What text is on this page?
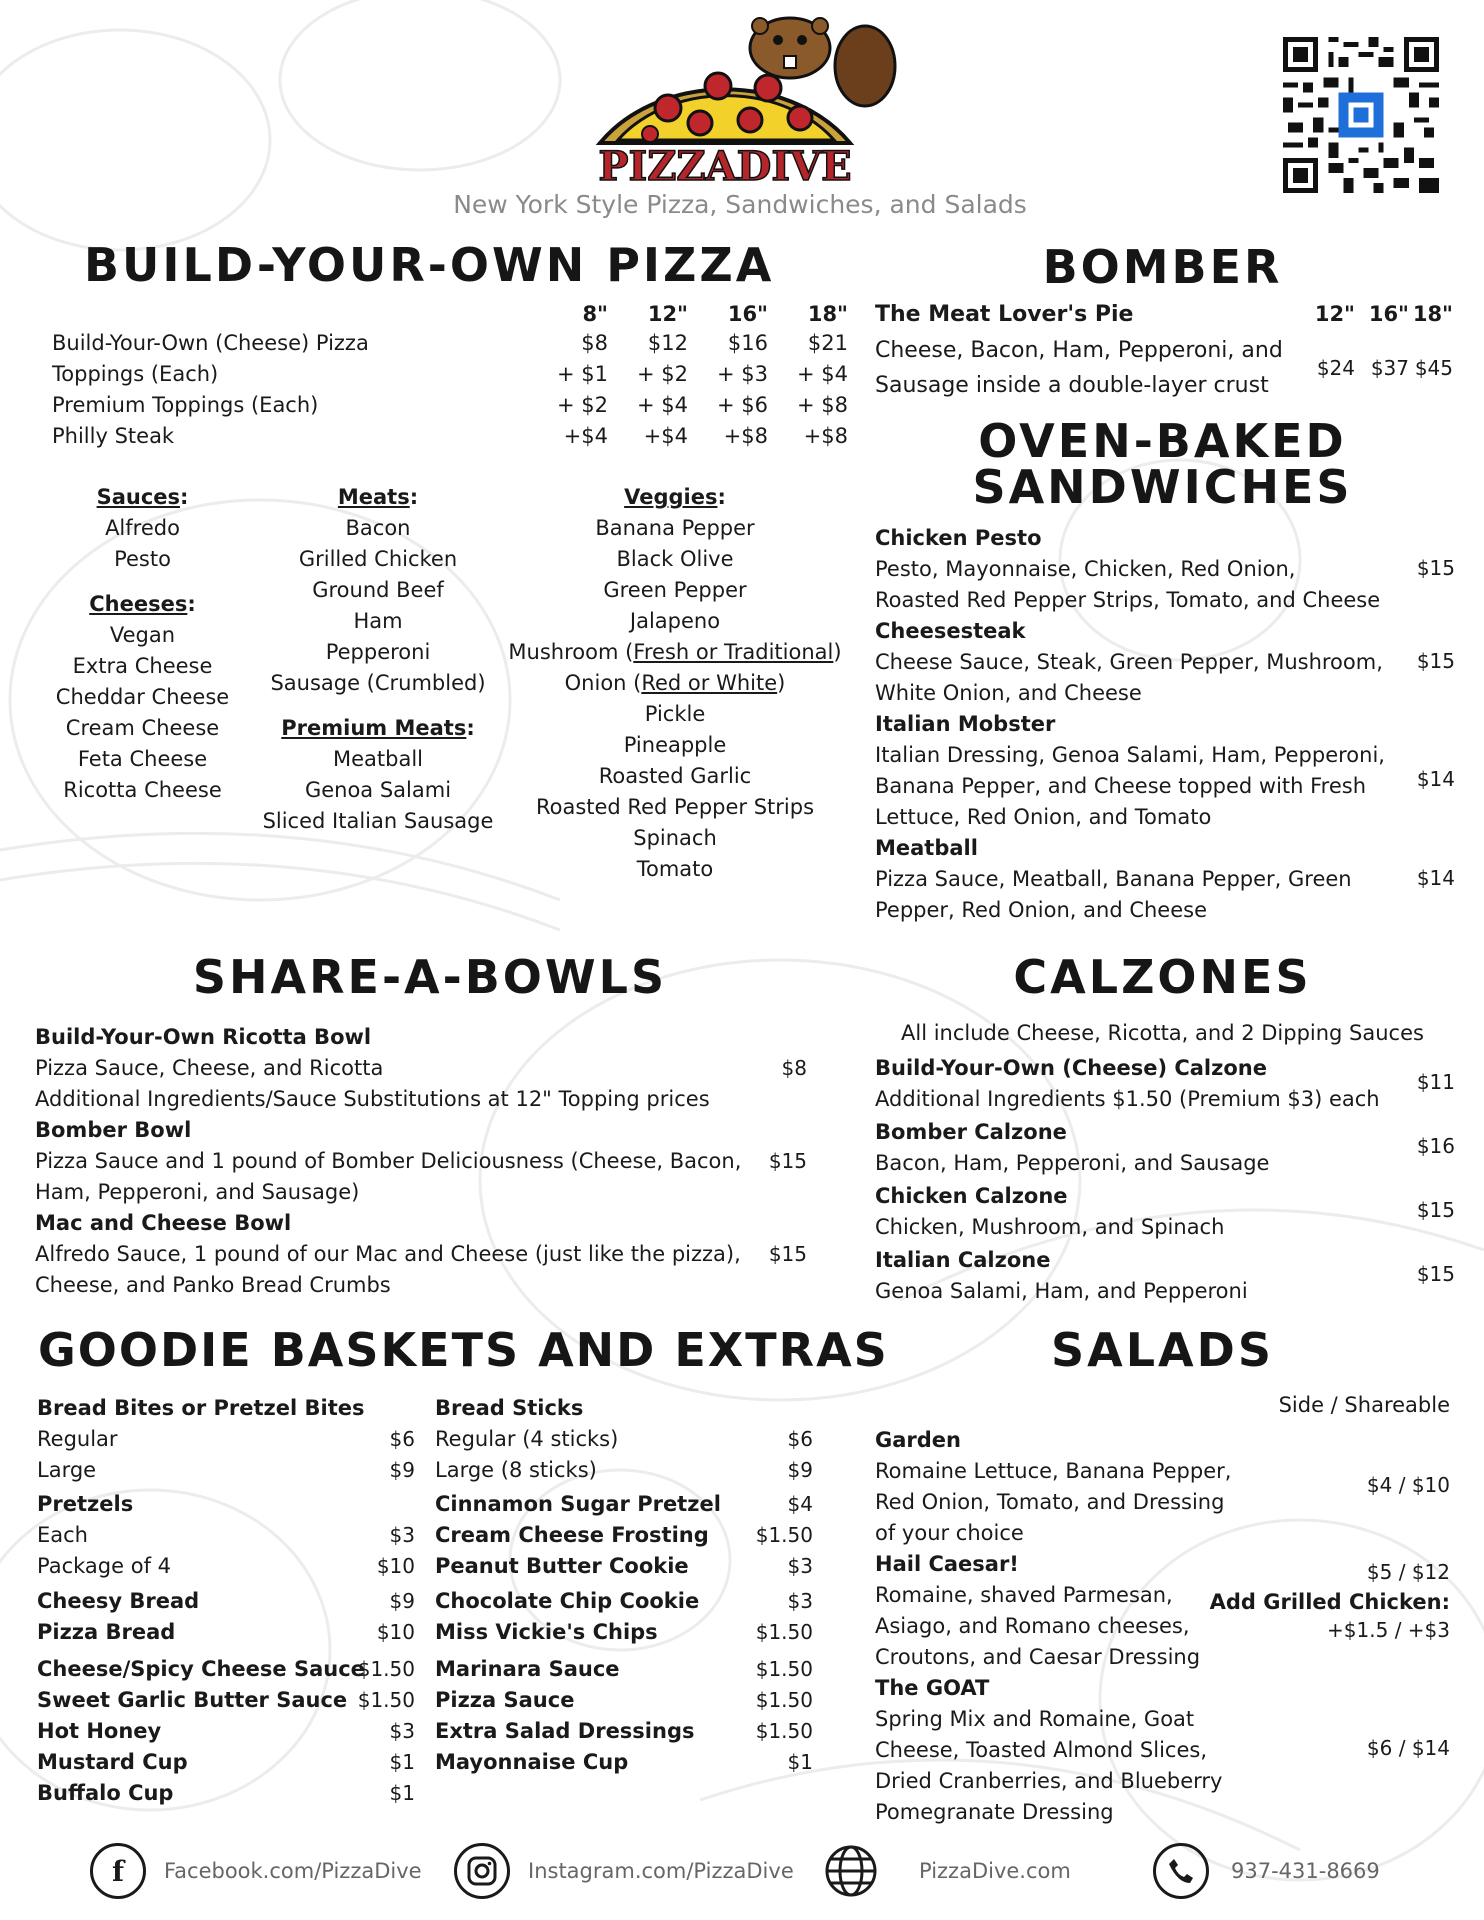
PIZZADIVE
New York Style Pizza, Sandwiches, and Salads
BUILD-YOUR-OWN PIZZA
8"	12"	16"	18"
Build-Your-Own (Cheese) Pizza	$8	$12	$16	$21
Toppings (Each)	+ $1	+ $2	+ $3	+ $4
Premium Toppings (Each)	+ $2	+ $4	+ $6	+ $8
Philly Steak	+$4	+$4	+$8	+$8
Sauces:
Alfredo
Pesto
Cheeses:
Vegan
Extra Cheese
Cheddar Cheese
Cream Cheese
Feta Cheese
Ricotta Cheese
Meats:
Bacon
Grilled Chicken
Ground Beef
Ham
Pepperoni
Sausage (Crumbled)
Premium Meats:
Meatball
Genoa Salami
Sliced Italian Sausage
Veggies:
Banana Pepper
Black Olive
Green Pepper
Jalapeno
Mushroom (Fresh or Traditional)
Onion (Red or White)
Pickle
Pineapple
Roasted Garlic
Roasted Red Pepper Strips
Spinach
Tomato
BOMBER
The Meat Lover's Pie	12" 16" 18"
Cheese, Bacon, Ham, Pepperoni, and
Sausage inside a double-layer crust
$24 $37 $45
OVEN-BAKED
SANDWICHES
Chicken Pesto
Pesto, Mayonnaise, Chicken, Red Onion,
Roasted Red Pepper Strips, Tomato, and Cheese
$15
Cheesesteak
Cheese Sauce, Steak, Green Pepper, Mushroom,
White Onion, and Cheese
$15
Italian Mobster
Italian Dressing, Genoa Salami, Ham, Pepperoni,
Banana Pepper, and Cheese topped with Fresh
Lettuce, Red Onion, and Tomato
$14
Meatball
Pizza Sauce, Meatball, Banana Pepper, Green
Pepper, Red Onion, and Cheese
$14
SHARE-A-BOWLS
Build-Your-Own Ricotta Bowl
Pizza Sauce, Cheese, and Ricotta
Additional Ingredients/Sauce Substitutions at 12" Topping prices
$8
Bomber Bowl
Pizza Sauce and 1 pound of Bomber Deliciousness (Cheese, Bacon,
Ham, Pepperoni, and Sausage)
$15
Mac and Cheese Bowl
Alfredo Sauce, 1 pound of our Mac and Cheese (just like the pizza),
Cheese, and Panko Bread Crumbs
$15
CALZONES
All include Cheese, Ricotta, and 2 Dipping Sauces
Build-Your-Own (Cheese) Calzone
Additional Ingredients $1.50 (Premium $3) each
$11
Bomber Calzone
Bacon, Ham, Pepperoni, and Sausage
$16
Chicken Calzone
Chicken, Mushroom, and Spinach
$15
Italian Calzone
Genoa Salami, Ham, and Pepperoni
$15
GOODIE BASKETS AND EXTRAS
Bread Bites or Pretzel Bites
Regular	$6
Large	$9
Pretzels
Each	$3
Package of 4	$10
Cheesy Bread	$9
Pizza Bread	$10
Cheese/Spicy Cheese Sauce
$1.50
Sweet Garlic Butter Sauce $1.50
Hot Honey	$3
Mustard Cup	$1
Buffalo Cup	$1
Bread Sticks
Regular (4 sticks)	$6
Large (8 sticks)	$9
Cinnamon Sugar Pretzel	$4
Cream Cheese Frosting $1.50
Peanut Butter Cookie	$3
Chocolate Chip Cookie	$3
Miss Vickie's Chips	$1.50
Marinara Sauce	$1.50
Pizza Sauce	$1.50
Extra Salad Dressings	$1.50
Mayonnaise Cup	$1
SALADS
Side / Shareable
Garden
Romaine Lettuce, Banana Pepper,
Red Onion, Tomato, and Dressing
of your choice
$4 / $10
Hail Caesar!
Romaine, shaved Parmesan,
Asiago, and Romano cheeses,
Croutons, and Caesar Dressing
$5 / $12
Add Grilled Chicken:
+$1.5 / +$3
The GOAT
Spring Mix and Romaine, Goat
Cheese, Toasted Almond Slices,
Dried Cranberries, and Blueberry
Pomegranate Dressing
$6 / $14
f	Facebook.com/PizzaDive	Instagram.com/PizzaDive	PizzaDive.com	937-431-8669
